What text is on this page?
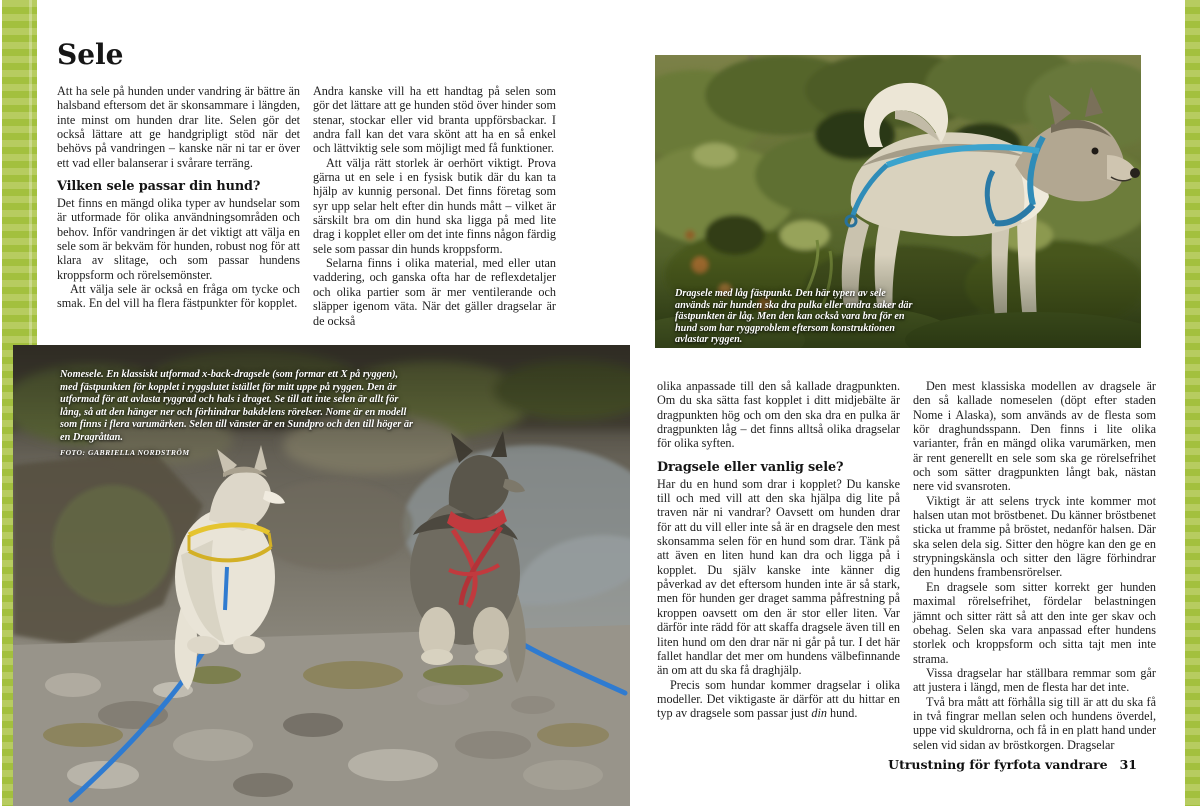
Sele

Att ha sele på hunden under vandring är bättre än halsband eftersom det är skonsammare i längden, inte minst om hunden drar lite. Selen gör det också lättare att ge handgripligt stöd när det behövs på vandringen – kanske när ni tar er över ett vad eller balanserar i svårare terräng.

Vilken sele passar din hund?

Det finns en mängd olika typer av hundselar som är utformade för olika användningsområden och behov. Inför vandringen är det viktigt att välja en sele som är bekväm för hunden, robust nog för att klara av slitage, och som passar hundens kroppsform och rörelsemönster.

Att välja sele är också en fråga om tycke och smak. En del vill ha flera fästpunkter för kopplet.

Andra kanske vill ha ett handtag på selen som gör det lättare att ge hunden stöd över hinder som stenar, stockar eller vid branta uppförsbackar. I andra fall kan det vara skönt att ha en så enkel och lättviktig sele som möjligt med få funktioner.

Att välja rätt storlek är oerhört viktigt. Prova gärna ut en sele i en fysisk butik där du kan ta hjälp av kunnig personal. Det finns företag som syr upp selar helt efter din hunds mått – vilket är särskilt bra om din hund ska ligga på med lite drag i kopplet eller om det inte finns någon färdig sele som passar din hunds kroppsform.

Selarna finns i olika material, med eller utan vaddering, och ganska ofta har de reflexdetaljer och olika partier som är mer ventilerande och släpper igenom väta. När det gäller dragselar är de också

Nomesele. En klassiskt utformad x-back-dragsele (som formar ett X på ryggen), med fästpunkten för kopplet i ryggslutet istället för mitt uppe på ryggen. Den är utformad för att avlasta ryggrad och hals i draget. Se till att inte selen är allt för lång, så att den hänger ner och förhindrar bakdelens rörelser. Nome är en modell som finns i flera varumärken. Selen till vänster är en Sundpro och den till höger är en Dragråttan.
FOTO: GABRIELLA NORDSTRÖM
Dragsele med låg fästpunkt. Den här typen av sele används när hunden ska dra pulka eller andra saker där fästpunkten är låg. Men den kan också vara bra för en hund som har ryggproblem eftersom konstruktionen avlastar ryggen.

olika anpassade till den så kallade dragpunkten. Om du ska sätta fast kopplet i ditt midjebälte är dragpunkten hög och om den ska dra en pulka är dragpunkten låg – det finns alltså olika dragselar för olika syften.

Dragsele eller vanlig sele?

Har du en hund som drar i kopplet? Du kanske till och med vill att den ska hjälpa dig lite på traven när ni vandrar? Oavsett om hunden drar för att du vill eller inte så är en dragsele den mest skonsamma selen för en hund som drar. Tänk på att även en liten hund kan dra och ligga på i kopplet. Du själv kanske inte känner dig påverkad av det eftersom hunden inte är så stark, men för hunden ger draget samma påfrestning på kroppen oavsett om den är stor eller liten. Var därför inte rädd för att skaffa dragsele även till en liten hund om den drar när ni går på tur. I det här fallet handlar det mer om hundens välbefinnande än om att du ska få draghjälp.

Precis som hundar kommer dragselar i olika modeller. Det viktigaste är därför att du hittar en typ av dragsele som passar just din hund.

Den mest klassiska modellen av dragsele är den så kallade nomeselen (döpt efter staden Nome i Alaska), som används av de flesta som kör draghundsspann. Den finns i lite olika varianter, från en mängd olika varumärken, men är rent generellt en sele som ska ge rörelsefrihet och som sätter dragpunkten långt bak, nästan nere vid svansroten.

Viktigt är att selens tryck inte kommer mot halsen utan mot bröstbenet. Du känner bröstbenet sticka ut framme på bröstet, nedanför halsen. Där ska selen dela sig. Sitter den högre kan den ge en strypningskänsla och sitter den lägre förhindrar den hundens frambensrörelser.

En dragsele som sitter korrekt ger hunden maximal rörelsefrihet, fördelar belastningen jämnt och sitter rätt så att den inte ger skav och obehag. Selen ska vara anpassad efter hundens storlek och kroppsform och sitta tajt men inte strama.

Vissa dragselar har ställbara remmar som går att justera i längd, men de flesta har det inte.

Två bra mått att förhålla sig till är att du ska få in två fingrar mellan selen och hundens överdel, uppe vid skuldrorna, och få in en platt hand under selen vid sidan av bröstkorgen. Dragselar

Utrustning för fyrfota vandrare 31
